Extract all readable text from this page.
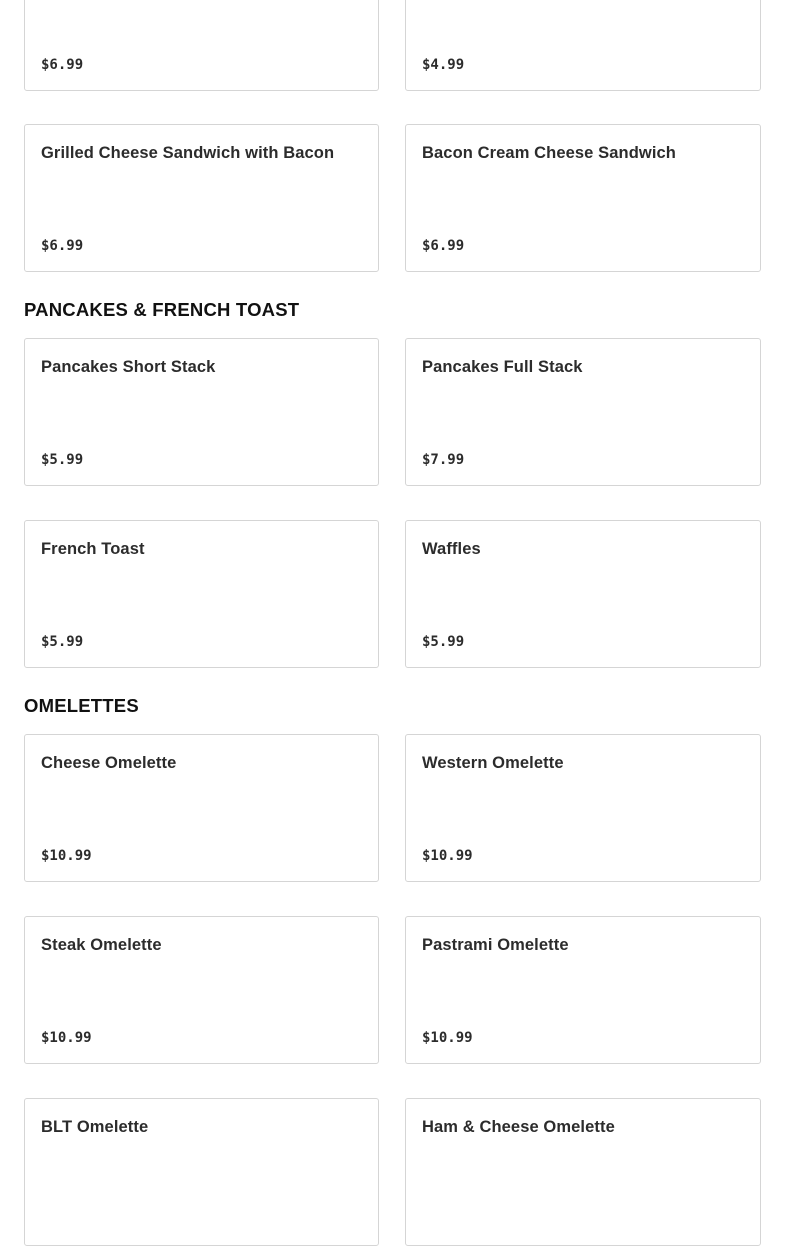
$6.99	$4.99
Grilled Cheese Sandwich with Bacon
$6.99
Bacon Cream Cheese Sandwich
$6.99
PANCAKES & FRENCH TOAST
Pancakes Short Stack
$5.99
Pancakes Full Stack
$7.99
French Toast
$5.99
Waffles
$5.99
OMELETTES
Cheese Omelette
$10.99
Western Omelette
$10.99
Steak Omelette
$10.99
Pastrami Omelette
$10.99
BLT Omelette	Ham & Cheese Omelette
